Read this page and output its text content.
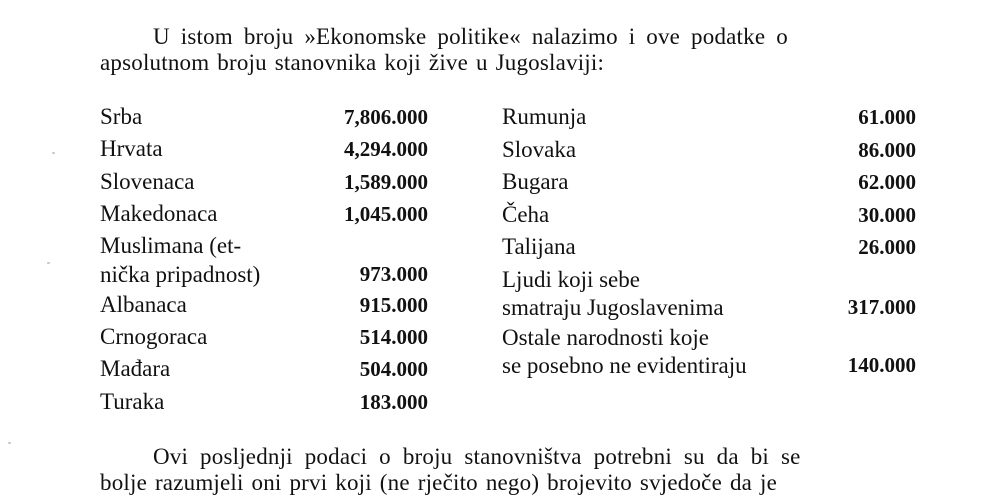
U istom broju »Ekonomske politike« nalazimo i ove podatke o
apsolutnom broju stanovnika koji žive u Jugoslaviji:
Srba	7,806.000
Hrvata	4,294.000
Slovenaca	1,589.000
Makedonaca	1,045.000
Muslimana (et-
nička pripadnost)	973.000
Albanaca	915.000
Crnogoraca	514.000
Mađara	504.000
Turaka	183.000
Rumunja	61.000
Slovaka	86.000
Bugara	62.000
Čeha	30.000
Talijana	26.000
Ljudi koji sebe
smatraju Jugoslavenima	317.000
Ostale narodnosti koje
se posebno ne evidentiraju	140.000
Ovi posljednji podaci o broju stanovništva potrebni su da bi se
bolje razumjeli oni prvi koji (ne rječito nego) brojevito svjedoče da je
